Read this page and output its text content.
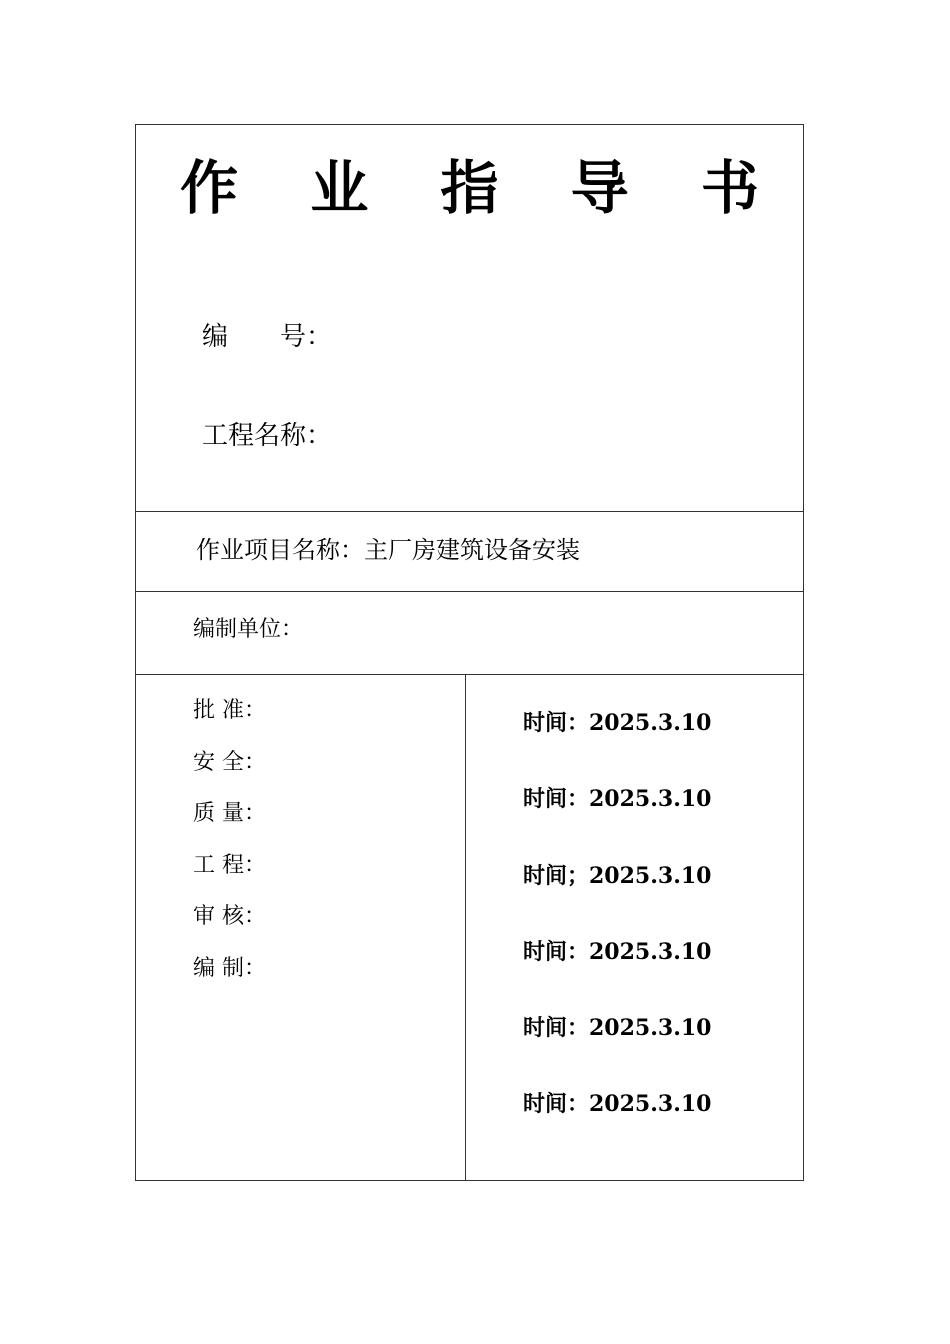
作 业 指 导 书
编　　号：
工程名称：
作业项目名称：主厂房建筑设备安装
编制单位：
批 准：
安 全：
质 量：
工 程：
审 核：
编 制：
时间：2025.3.10
时间：2025.3.10
时间；2025.3.10
时间：2025.3.10
时间：2025.3.10
时间：2025.3.10
